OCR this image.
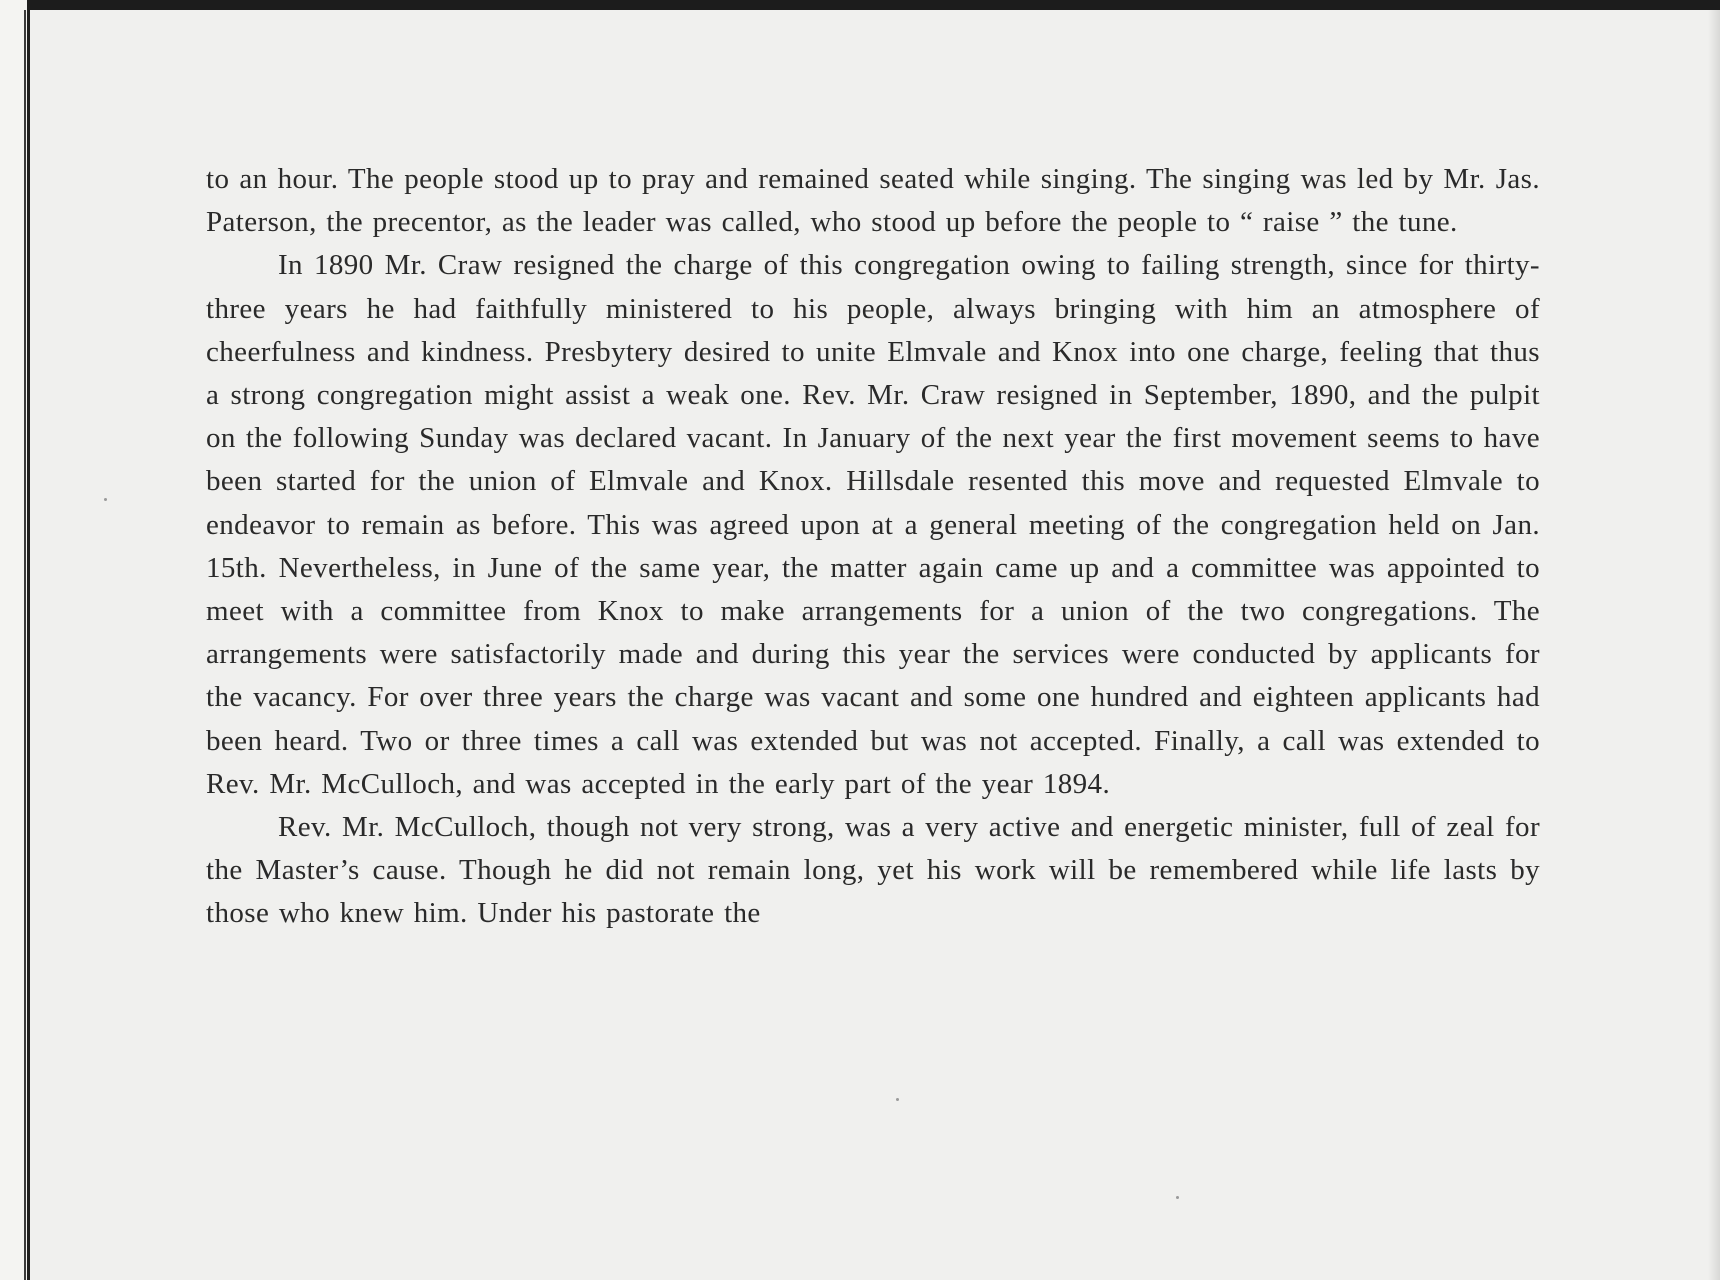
to an hour. The people stood up to pray and remained seated while singing. The singing was led by Mr. Jas. Paterson, the precentor, as the leader was called, who stood up before the people to “ raise ” the tune.

In 1890 Mr. Craw resigned the charge of this congregation owing to failing strength, since for thirty-three years he had faithfully ministered to his people, always bringing with him an atmosphere of cheerfulness and kindness. Presbytery desired to unite Elmvale and Knox into one charge, feeling that thus a strong congregation might assist a weak one. Rev. Mr. Craw resigned in September, 1890, and the pulpit on the following Sunday was declared vacant. In January of the next year the first movement seems to have been started for the union of Elmvale and Knox. Hillsdale resented this move and requested Elmvale to endeavor to remain as before. This was agreed upon at a general meeting of the congregation held on Jan. 15th. Nevertheless, in June of the same year, the matter again came up and a committee was appointed to meet with a committee from Knox to make arrangements for a union of the two congregations. The arrangements were satisfactorily made and during this year the services were conducted by applicants for the vacancy. For over three years the charge was vacant and some one hundred and eighteen applicants had been heard. Two or three times a call was extended but was not accepted. Finally, a call was extended to Rev. Mr. McCulloch, and was accepted in the early part of the year 1894.

Rev. Mr. McCulloch, though not very strong, was a very active and energetic minister, full of zeal for the Master’s cause. Though he did not remain long, yet his work will be remembered while life lasts by those who knew him. Under his pastorate the
